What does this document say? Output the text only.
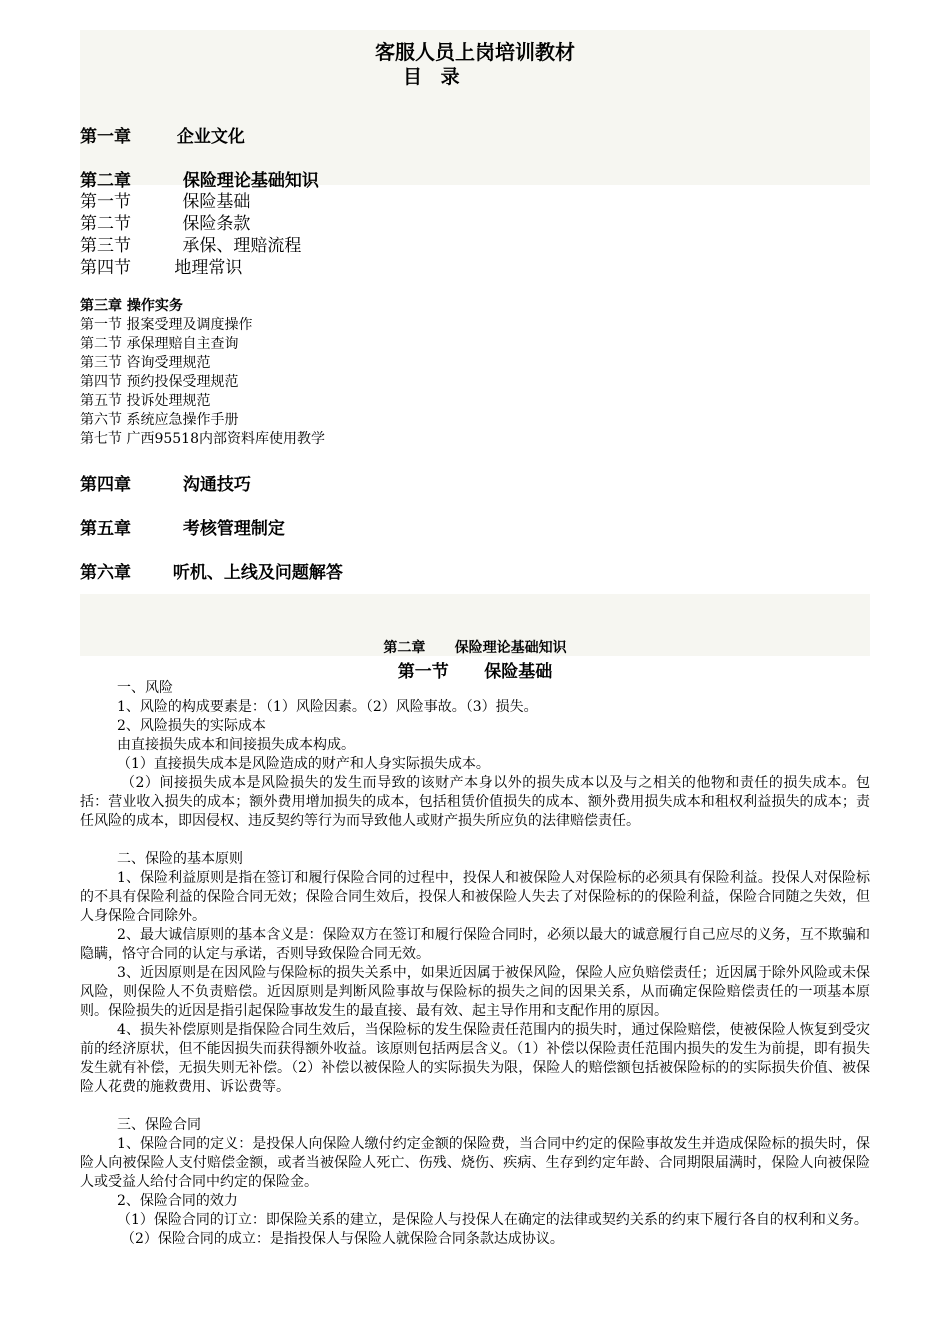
客服人员上岗培训教材
目 录
第一章	企业文化
第二章	保险理论基础知识
第一节	保险基础
第二节	保险条款
第三节	承保、理赔流程
第四节	地理常识
第三章 操作实务
第一节 报案受理及调度操作
第二节 承保理赔自主查询
第三节 咨询受理规范
第四节 预约投保受理规范
第五节 投诉处理规范
第六节 系统应急操作手册
第七节 广西95518内部资料库使用教学
第四章	沟通技巧
第五章	考核管理制定
第六章 听机、上线及问题解答
第二章      保险理论基础知识
第一节      保险基础

一、风险

1、风险的构成要素是：（1）风险因素。（2）风险事故。（3）损失。

2、风险损失的实际成本

由直接损失成本和间接损失成本构成。

（1）直接损失成本是风险造成的财产和人身实际损失成本。

（2）间接损失成本是风险损失的发生而导致的该财产本身以外的损失成本以及与之相关的他物和责任的损失成本。包括：营业收入损失的成本；额外费用增加损失的成本，包括租赁价值损失的成本、额外费用损失成本和租权利益损失的成本；责任风险的成本，即因侵权、违反契约等行为而导致他人或财产损失所应负的法律赔偿责任。

二、保险的基本原则

1、保险利益原则是指在签订和履行保险合同的过程中，投保人和被保险人对保险标的必须具有保险利益。投保人对保险标的不具有保险利益的保险合同无效；保险合同生效后，投保人和被保险人失去了对保险标的的保险利益，保险合同随之失效，但人身保险合同除外。

2、最大诚信原则的基本含义是：保险双方在签订和履行保险合同时，必须以最大的诚意履行自己应尽的义务，互不欺骗和隐瞒，恪守合同的认定与承诺，否则导致保险合同无效。

3、近因原则是在因风险与保险标的损失关系中，如果近因属于被保风险，保险人应负赔偿责任；近因属于除外风险或未保风险，则保险人不负责赔偿。近因原则是判断风险事故与保险标的损失之间的因果关系，从而确定保险赔偿责任的一项基本原则。保险损失的近因是指引起保险事故发生的最直接、最有效、起主导作用和支配作用的原因。

4、损失补偿原则是指保险合同生效后，当保险标的发生保险责任范围内的损失时，通过保险赔偿，使被保险人恢复到受灾前的经济原状，但不能因损失而获得额外收益。该原则包括两层含义。（1）补偿以保险责任范围内损失的发生为前提，即有损失发生就有补偿，无损失则无补偿。（2）补偿以被保险人的实际损失为限，保险人的赔偿额包括被保险标的的实际损失价值、被保险人花费的施救费用、诉讼费等。

三、保险合同

1、保险合同的定义：是投保人向保险人缴付约定金额的保险费，当合同中约定的保险事故发生并造成保险标的损失时，保险人向被保险人支付赔偿金额，或者当被保险人死亡、伤残、烧伤、疾病、生存到约定年龄、合同期限届满时，保险人向被保险人或受益人给付合同中约定的保险金。

2、保险合同的效力

（1）保险合同的订立：即保险关系的建立，是保险人与投保人在确定的法律或契约关系的约束下履行各自的权利和义务。

（2）保险合同的成立：是指投保人与保险人就保险合同条款达成协议。
